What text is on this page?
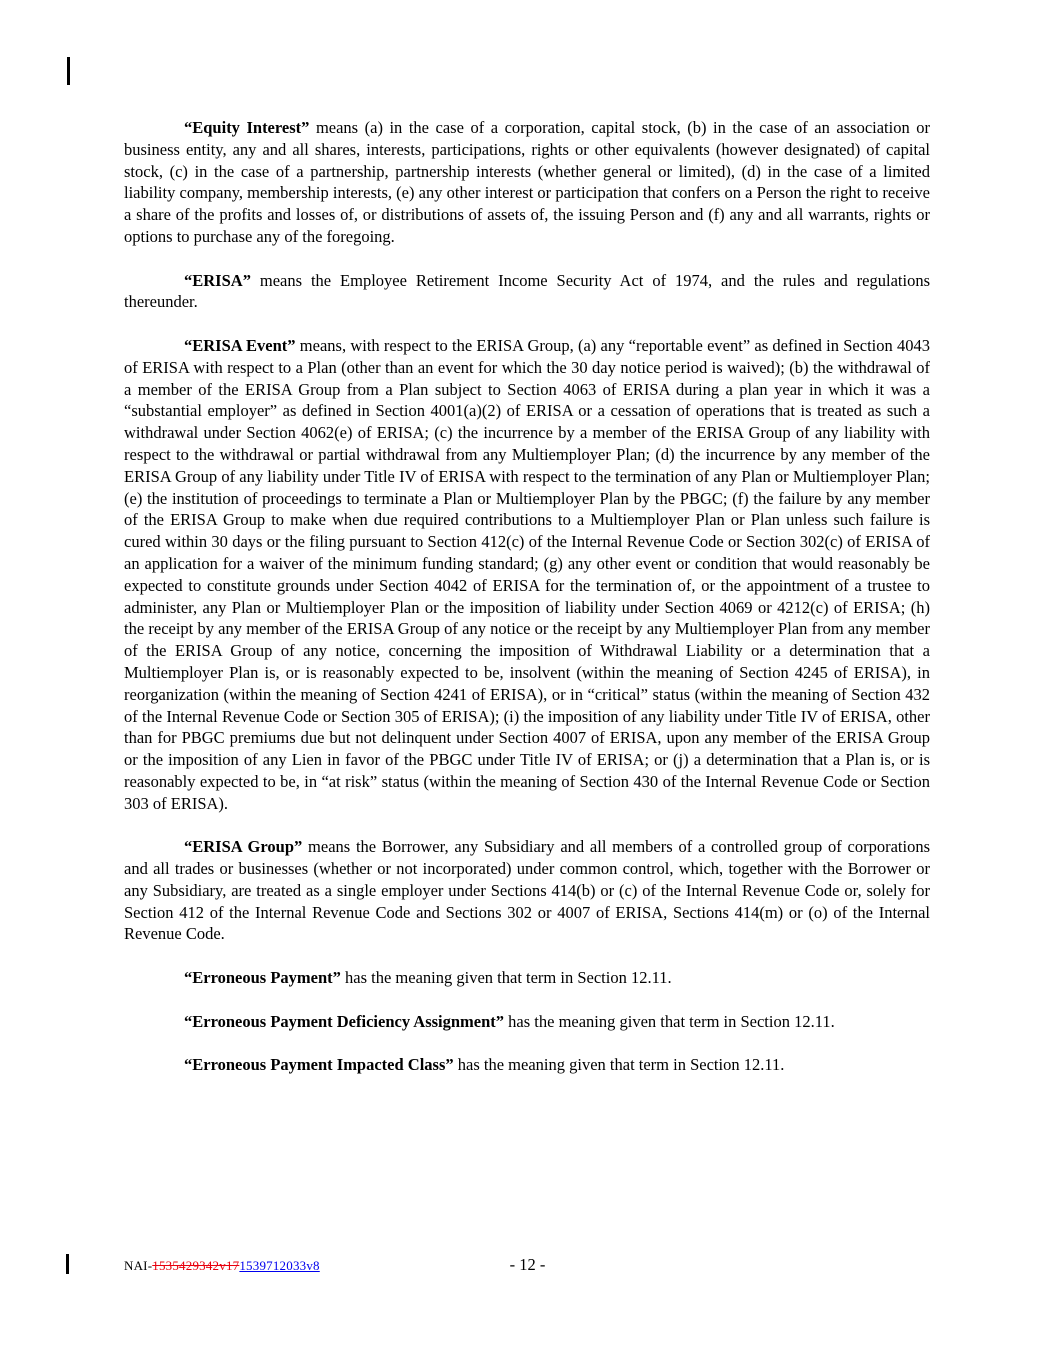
“Equity Interest” means (a) in the case of a corporation, capital stock, (b) in the case of an association or business entity, any and all shares, interests, participations, rights or other equivalents (however designated) of capital stock, (c) in the case of a partnership, partnership interests (whether general or limited), (d) in the case of a limited liability company, membership interests, (e) any other interest or participation that confers on a Person the right to receive a share of the profits and losses of, or distributions of assets of, the issuing Person and (f) any and all warrants, rights or options to purchase any of the foregoing.

“ERISA” means the Employee Retirement Income Security Act of 1974, and the rules and regulations thereunder.

“ERISA Event” means, with respect to the ERISA Group, (a) any “reportable event” as defined in Section 4043 of ERISA with respect to a Plan (other than an event for which the 30 day notice period is waived); (b) the withdrawal of a member of the ERISA Group from a Plan subject to Section 4063 of ERISA during a plan year in which it was a “substantial employer” as defined in Section 4001(a)(2) of ERISA or a cessation of operations that is treated as such a withdrawal under Section 4062(e) of ERISA; (c) the incurrence by a member of the ERISA Group of any liability with respect to the withdrawal or partial withdrawal from any Multiemployer Plan; (d) the incurrence by any member of the ERISA Group of any liability under Title IV of ERISA with respect to the termination of any Plan or Multiemployer Plan; (e) the institution of proceedings to terminate a Plan or Multiemployer Plan by the PBGC; (f) the failure by any member of the ERISA Group to make when due required contributions to a Multiemployer Plan or Plan unless such failure is cured within 30 days or the filing pursuant to Section 412(c) of the Internal Revenue Code or Section 302(c) of ERISA of an application for a waiver of the minimum funding standard; (g) any other event or condition that would reasonably be expected to constitute grounds under Section 4042 of ERISA for the termination of, or the appointment of a trustee to administer, any Plan or Multiemployer Plan or the imposition of liability under Section 4069 or 4212(c) of ERISA; (h) the receipt by any member of the ERISA Group of any notice or the receipt by any Multiemployer Plan from any member of the ERISA Group of any notice, concerning the imposition of Withdrawal Liability or a determination that a Multiemployer Plan is, or is reasonably expected to be, insolvent (within the meaning of Section 4245 of ERISA), in reorganization (within the meaning of Section 4241 of ERISA), or in “critical” status (within the meaning of Section 432 of the Internal Revenue Code or Section 305 of ERISA); (i) the imposition of any liability under Title IV of ERISA, other than for PBGC premiums due but not delinquent under Section 4007 of ERISA, upon any member of the ERISA Group or the imposition of any Lien in favor of the PBGC under Title IV of ERISA; or (j) a determination that a Plan is, or is reasonably expected to be, in “at risk” status (within the meaning of Section 430 of the Internal Revenue Code or Section 303 of ERISA).

“ERISA Group” means the Borrower, any Subsidiary and all members of a controlled group of corporations and all trades or businesses (whether or not incorporated) under common control, which, together with the Borrower or any Subsidiary, are treated as a single employer under Sections 414(b) or (c) of the Internal Revenue Code or, solely for Section 412 of the Internal Revenue Code and Sections 302 or 4007 of ERISA, Sections 414(m) or (o) of the Internal Revenue Code.

“Erroneous Payment” has the meaning given that term in Section 12.11.

“Erroneous Payment Deficiency Assignment” has the meaning given that term in Section 12.11.

“Erroneous Payment Impacted Class” has the meaning given that term in Section 12.11.

NAI-1535429342v171539712033v8	- 12 -
